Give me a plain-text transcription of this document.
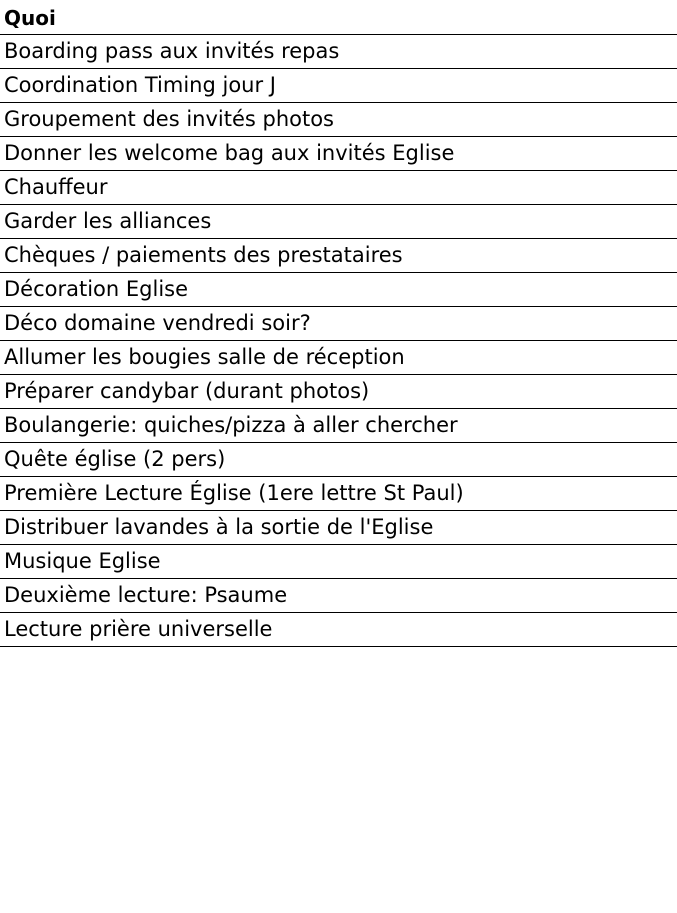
Quoi
Boarding pass aux invités repas
Coordination Timing jour J
Groupement des invités photos
Donner les welcome bag aux invités Eglise
Chauffeur
Garder les alliances
Chèques / paiements des prestataires
Décoration Eglise
Déco domaine vendredi soir?
Allumer les bougies salle de réception
Préparer candybar (durant photos)
Boulangerie: quiches/pizza à aller chercher
Quête église (2 pers)
Première Lecture Église (1ere lettre St Paul)
Distribuer lavandes à la sortie de l'Eglise
Musique Eglise
Deuxième lecture: Psaume
Lecture prière universelle
